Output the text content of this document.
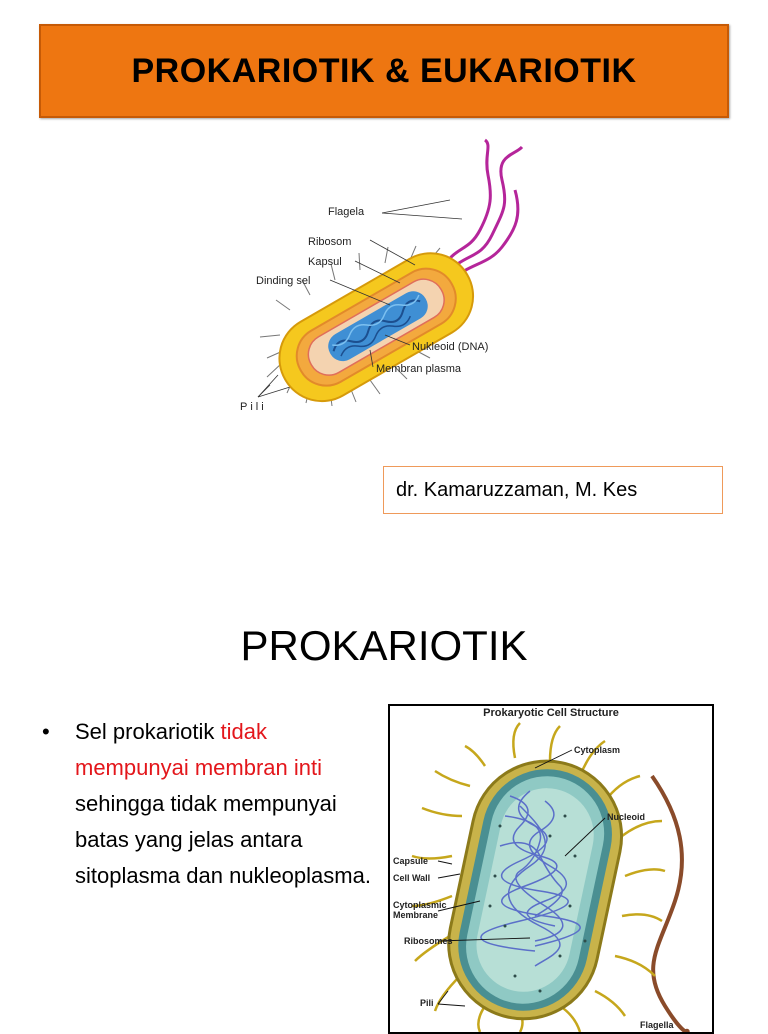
PROKARIOTIK & EUKARIOTIK
Flagela
Ribosom
Kapsul
Dinding sel
Nukleoid (DNA)
Membran plasma
Pili
dr. Kamaruzzaman, M. Kes
PROKARIOTIK
• Sel prokariotik tidak mempunyai membran inti sehingga tidak mempunyai batas yang jelas antara sitoplasma dan nukleoplasma.
Prokaryotic Cell Structure
Cytoplasm
Nucleoid
Capsule
Cell Wall
Cytoplasmic
Membrane
Ribosomes
Pili
Flagella
